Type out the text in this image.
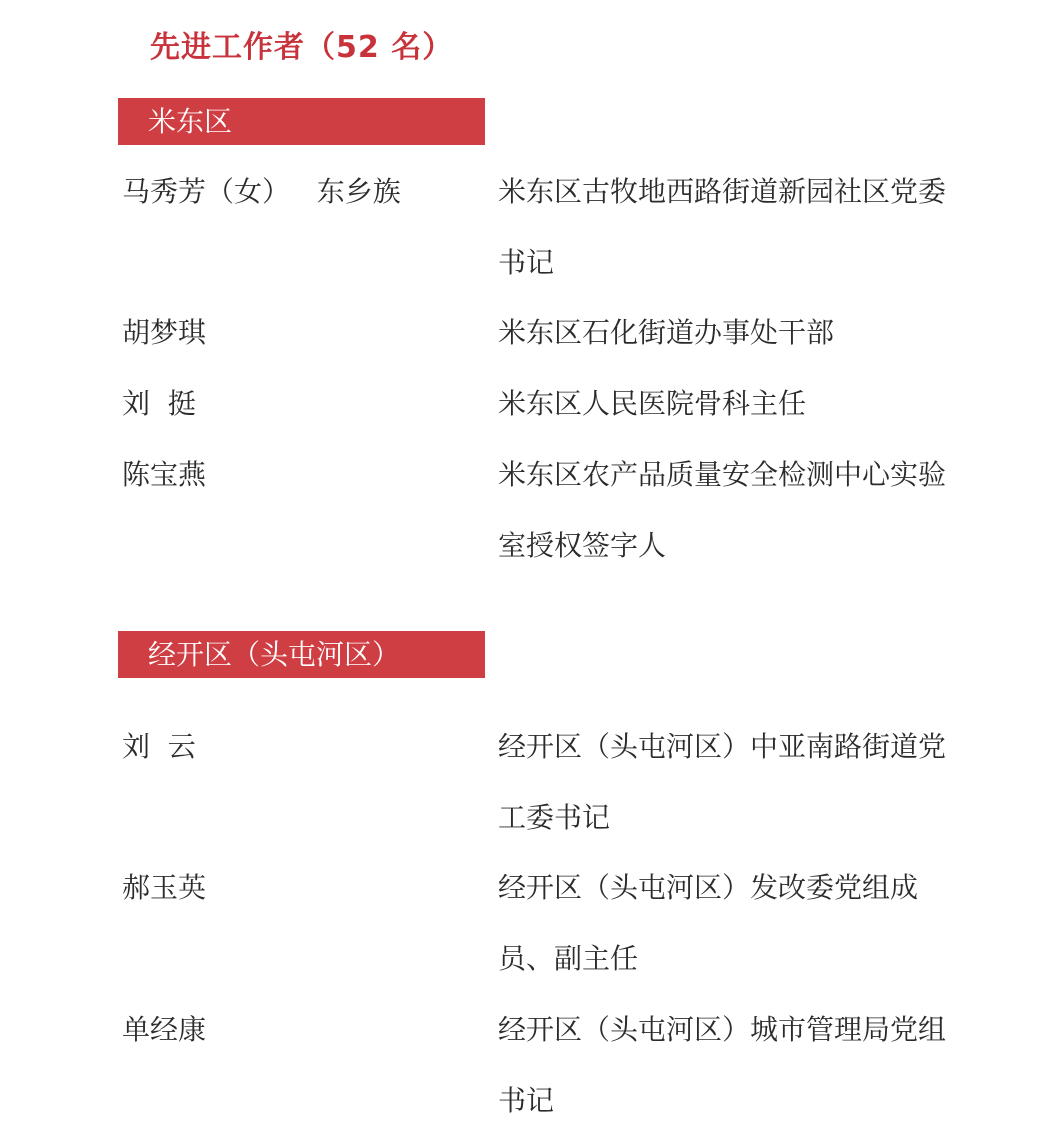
先进工作者（52 名）
米东区
马秀芳（女）   东乡族	米东区古牧地西路街道新园社区党委
书记
胡梦琪	米东区石化街道办事处干部
刘  挺	米东区人民医院骨科主任
陈宝燕	米东区农产品质量安全检测中心实验
室授权签字人
经开区（头屯河区）
刘  云	经开区（头屯河区）中亚南路街道党
工委书记
郝玉英	经开区（头屯河区）发改委党组成
员、副主任
单经康	经开区（头屯河区）城市管理局党组
书记
